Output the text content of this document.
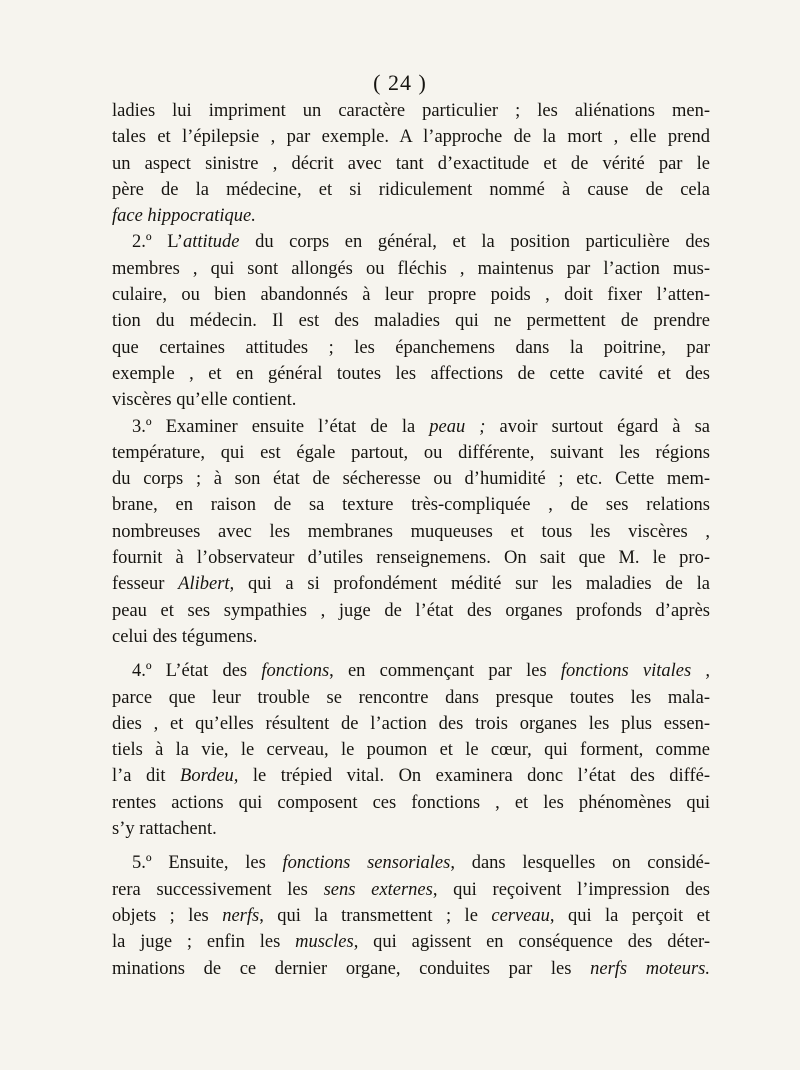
( 24 )
ladies lui impriment un caractère particulier ; les aliénations men-
tales et l’épilepsie , par exemple. A l’approche de la mort , elle prend
un aspect sinistre , décrit avec tant d’exactitude et de vérité par le
père de la médecine, et si ridiculement nommé à cause de cela
face hippocratique.
2.º L’attitude du corps en général, et la position particulière des
membres , qui sont allongés ou fléchis , maintenus par l’action mus-
culaire, ou bien abandonnés à leur propre poids , doit fixer l’atten-
tion du médecin. Il est des maladies qui ne permettent de prendre
que certaines attitudes ; les épanchemens dans la poitrine, par
exemple , et en général toutes les affections de cette cavité et des
viscères qu’elle contient.
3.º Examiner ensuite l’état de la peau ; avoir surtout égard à sa
température, qui est égale partout, ou différente, suivant les régions
du corps ; à son état de sécheresse ou d’humidité ; etc. Cette mem-
brane, en raison de sa texture très-compliquée , de ses relations
nombreuses avec les membranes muqueuses et tous les viscères ,
fournit à l’observateur d’utiles renseignemens. On sait que M. le pro-
fesseur Alibert, qui a si profondément médité sur les maladies de la
peau et ses sympathies , juge de l’état des organes profonds d’après
celui des tégumens.
4.º L’état des fonctions, en commençant par les fonctions vitales ,
parce que leur trouble se rencontre dans presque toutes les mala-
dies , et qu’elles résultent de l’action des trois organes les plus essen-
tiels à la vie, le cerveau, le poumon et le cœur, qui forment, comme
l’a dit Bordeu, le trépied vital. On examinera donc l’état des diffé-
rentes actions qui composent ces fonctions , et les phénomènes qui
s’y rattachent.
5.º Ensuite, les fonctions sensoriales, dans lesquelles on considé-
rera successivement les sens externes, qui reçoivent l’impression des
objets ; les nerfs, qui la transmettent ; le cerveau, qui la perçoit et
la juge ; enfin les muscles, qui agissent en conséquence des déter-
minations de ce dernier organe, conduites par les nerfs moteurs.
